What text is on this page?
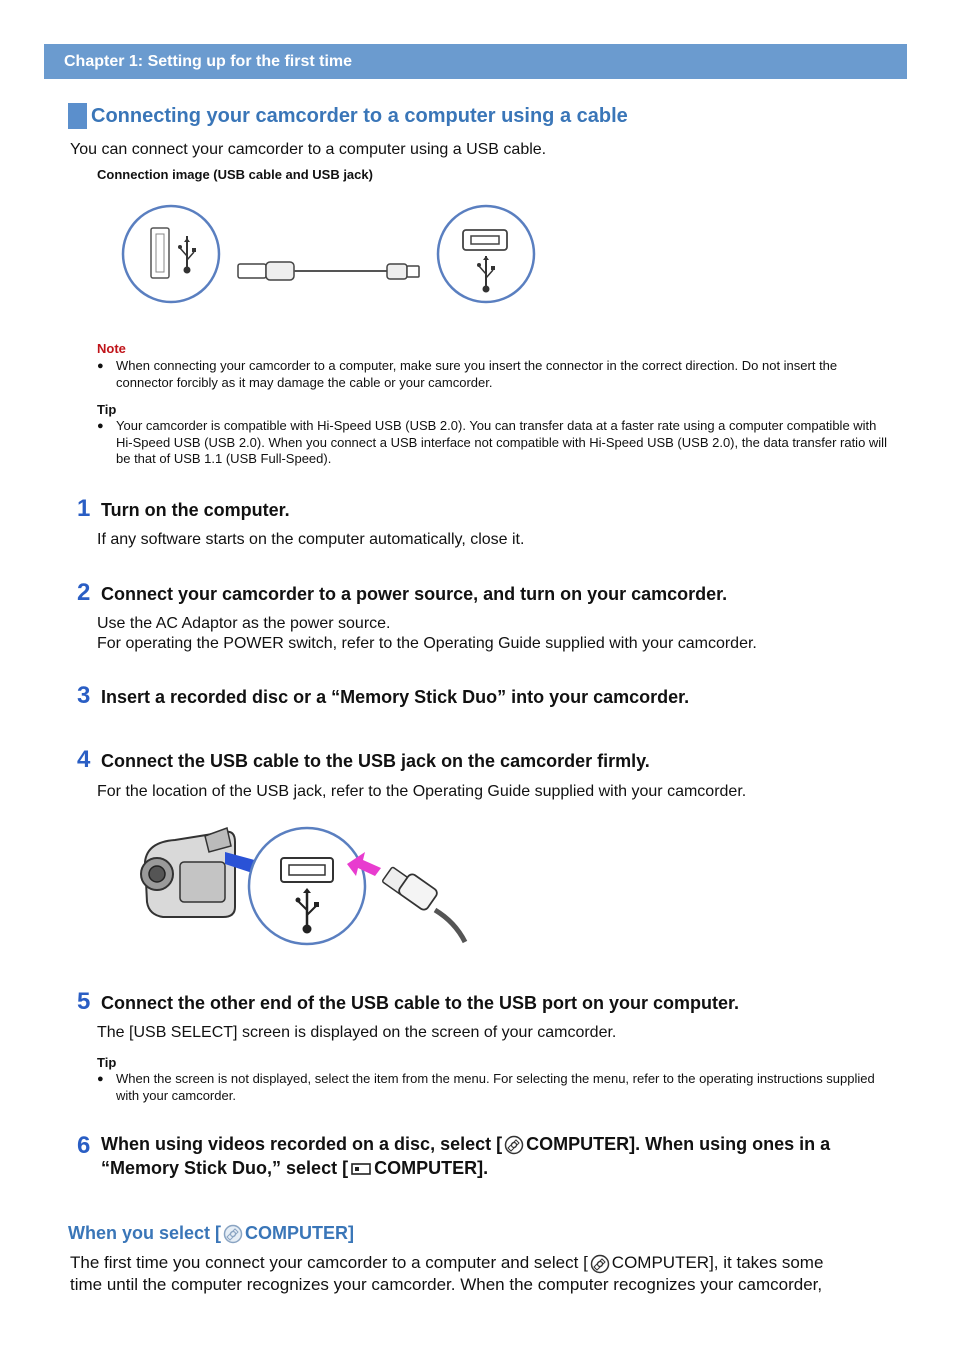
Chapter 1: Setting up for the first time
Connecting your camcorder to a computer using a cable
You can connect your camcorder to a computer using a USB cable.
Connection image (USB cable and USB jack)
Note
● When connecting your camcorder to a computer, make sure you insert the connector in the correct direction. Do not insert the connector forcibly as it may damage the cable or your camcorder.
Tip
● Your camcorder is compatible with Hi-Speed USB (USB 2.0). You can transfer data at a faster rate using a computer compatible with Hi-Speed USB (USB 2.0). When you connect a USB interface not compatible with Hi-Speed USB (USB 2.0), the data transfer ratio will be that of USB 1.1 (USB Full-Speed).
1 Turn on the computer.
If any software starts on the computer automatically, close it.
2 Connect your camcorder to a power source, and turn on your camcorder.
Use the AC Adaptor as the power source.
For operating the POWER switch, refer to the Operating Guide supplied with your camcorder.
3 Insert a recorded disc or a “Memory Stick Duo” into your camcorder.
4 Connect the USB cable to the USB jack on the camcorder firmly.
For the location of the USB jack, refer to the Operating Guide supplied with your camcorder.
5 Connect the other end of the USB cable to the USB port on your computer.
The [USB SELECT] screen is displayed on the screen of your camcorder.
Tip
● When the screen is not displayed, select the item from the menu. For selecting the menu, refer to the operating instructions supplied with your camcorder.
6 When using videos recorded on a disc, select [ COMPUTER]. When using ones in a
“Memory Stick Duo,” select [ COMPUTER].
When you select [ COMPUTER]
The first time you connect your camcorder to a computer and select [ COMPUTER], it takes some
time until the computer recognizes your camcorder. When the computer recognizes your camcorder,
